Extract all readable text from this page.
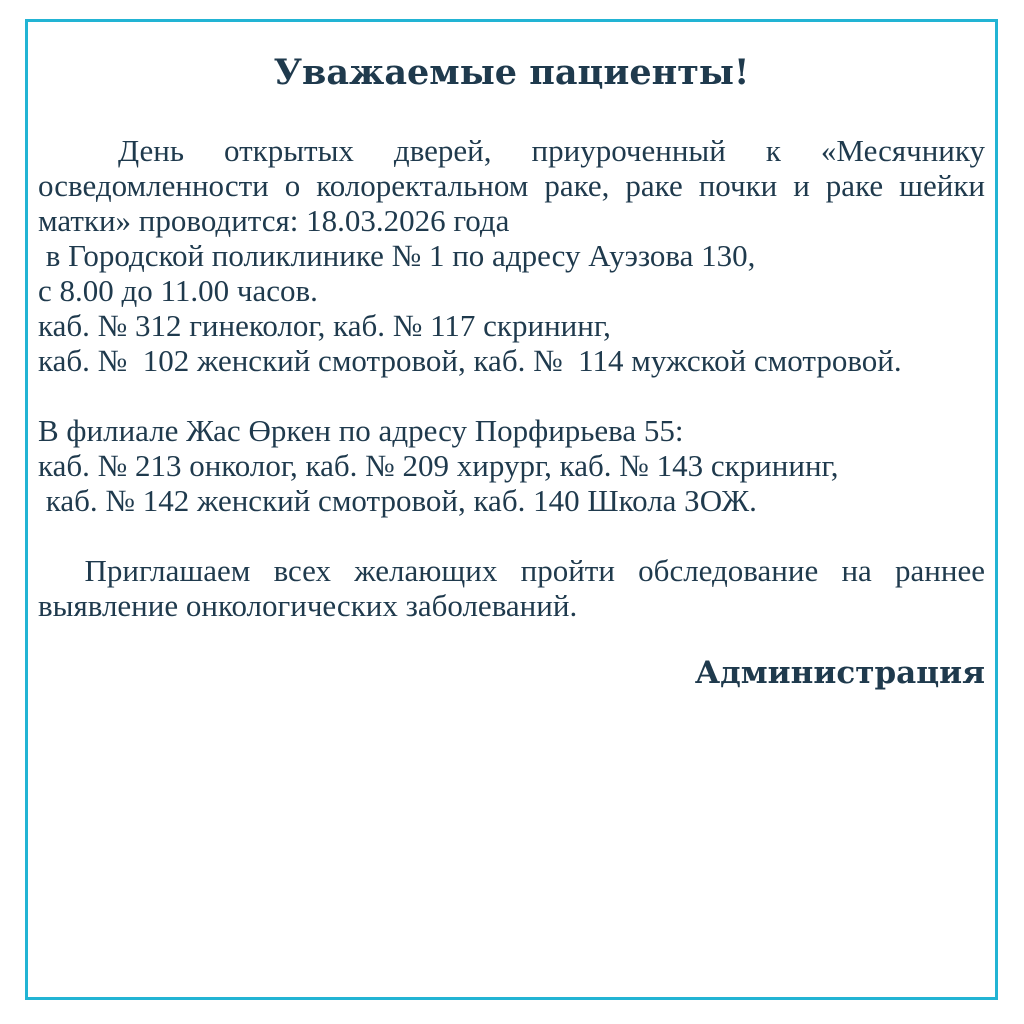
Уважаемые пациенты!

День открытых дверей, приуроченный к «Месячнику осведомленности о колоректальном раке, раке почки и раке шейки матки» проводится: 18.03.2026 года

в Городской поликлинике № 1 по адресу Ауэзова 130,
с 8.00 до 11.00 часов.
каб. № 312 гинеколог, каб. № 117 скрининг,

каб. №  102 женский смотровой, каб. №  114 мужской смотровой.

В филиале Жас Өркен по адресу Порфирьева 55:
каб. № 213 онколог, каб. № 209 хирург, каб. № 143 скрининг,
каб. № 142 женский смотровой, каб. 140 Школа ЗОЖ.

Приглашаем всех желающих пройти обследование на раннее выявление онкологических заболеваний.

Администрация
